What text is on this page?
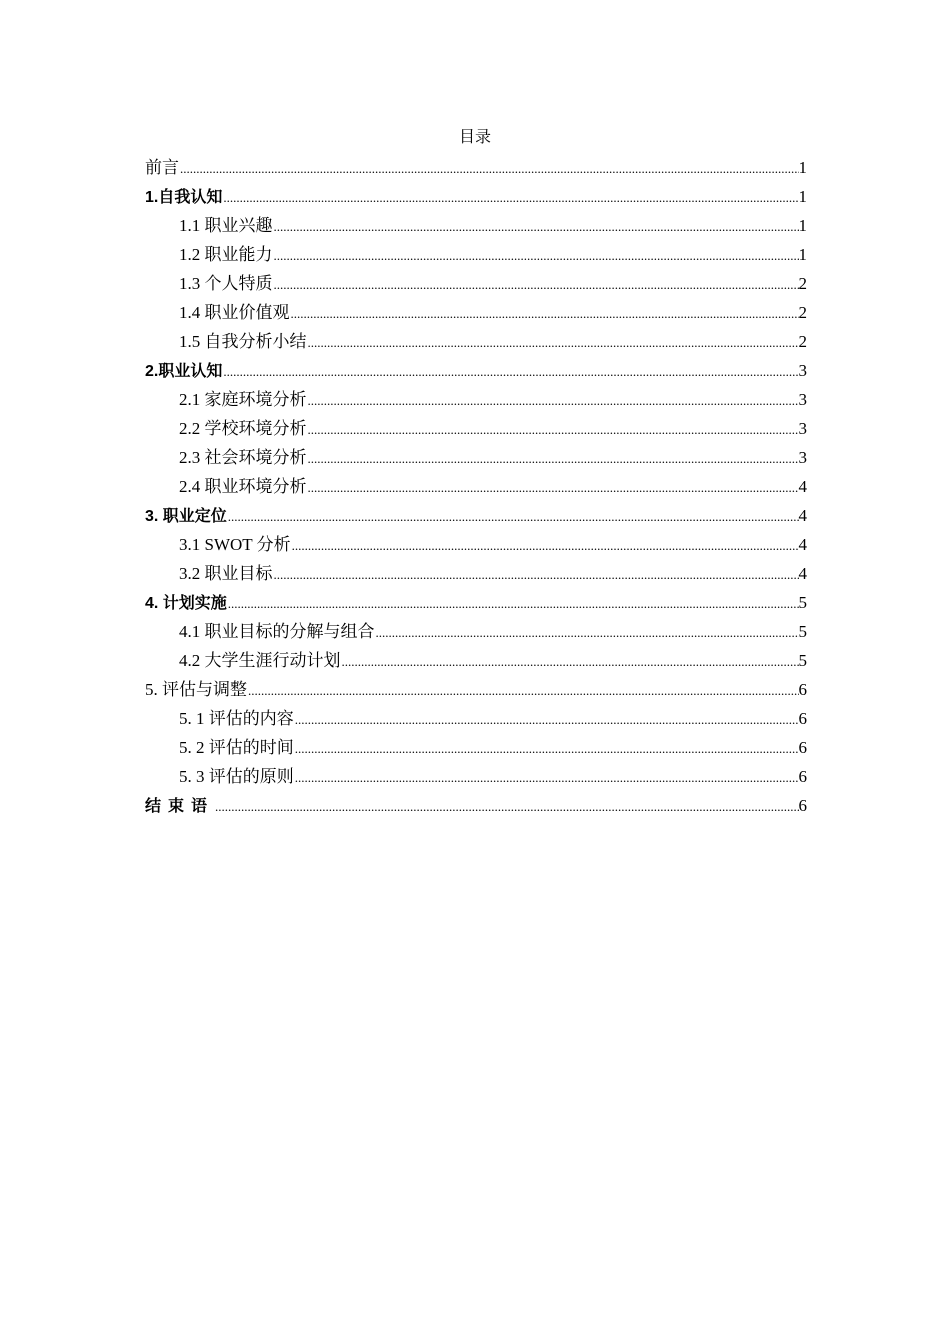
目录
前言 .....	1
1.自我认知 .....	1
1.1 职业兴趣 .....	1
1.2 职业能力 .....	1
1.3 个人特质 .....	2
1.4 职业价值观 .....	2
1.5 自我分析小结 .....	2
2.职业认知 .....	3
2.1 家庭环境分析 .....	3
2.2 学校环境分析 .....	3
2.3 社会环境分析 .....	3
2.4 职业环境分析 .....	4
3. 职业定位 .....	4
3.1 SWOT 分析 .....	4
3.2 职业目标 .....	4
4. 计划实施 .....	5
4.1 职业目标的分解与组合 .....	5
4.2 大学生涯行动计划 .....	5
5. 评估与调整 .....	6
5. 1 评估的内容 .....	6
5. 2 评估的时间 .....	6
5. 3 评估的原则 .....	6
结束语 .....	6
